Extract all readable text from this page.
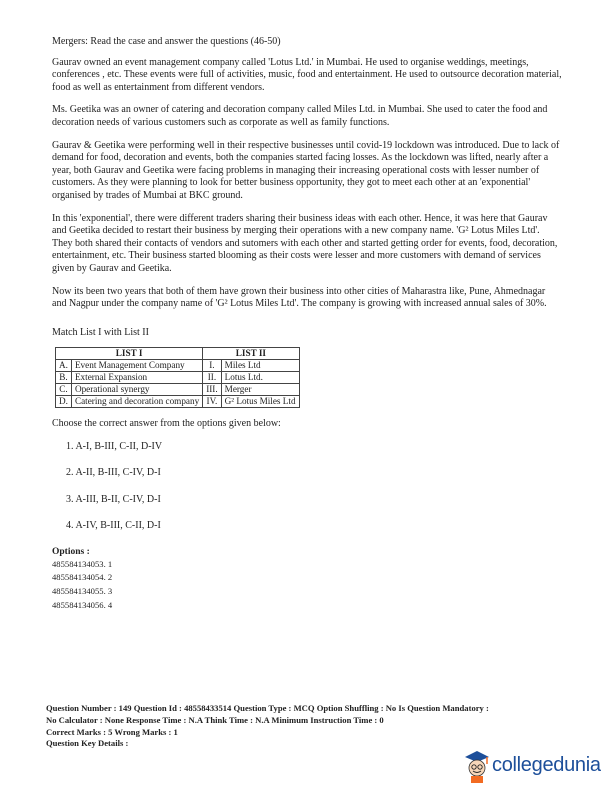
Mergers: Read the case and answer the questions (46-50)

Gaurav owned an event management company called 'Lotus Ltd.' in Mumbai. He used to organise weddings, meetings, conferences , etc. These events were full of activities, music, food and entertainment. He used to outsource decoration material, food as well as entertainment from different vendors.

Ms. Geetika was an owner of catering and decoration company called Miles Ltd. in Mumbai. She used to cater the food and decoration needs of various customers such as corporate as well as family functions.

Gaurav & Geetika were performing well in their respective businesses until covid-19 lockdown was introduced. Due to lack of demand for food, decoration and events, both the companies started facing losses. As the lockdown was lifted, nearly after a year, both Gaurav and Geetika were facing problems in managing their increasing operational costs with lesser number of customers. As they were planning to look for better business opportunity, they got to meet each other at an 'exponential' organised by trades of Mumbai at BKC ground.

In this 'exponential', there were different traders sharing their business ideas with each other. Hence, it was here that Gaurav and Geetika decided to restart their business by merging their operations with a new company name. 'G² Lotus Miles Ltd'. They both shared their contacts of vendors and sutomers with each other and started getting order for events, food, decoration, entertainment, etc. Their business started blooming as their costs were lesser and more customers with demand of services given by Gaurav and Geetika.

Now its been two years that both of them have grown their business into other cities of Maharastra like, Pune, Ahmednagar and Nagpur under the company name of 'G² Lotus Miles Ltd'. The company is growing with increased annual sales of 30%.

Match List I with List II

LIST I		LIST II	
A.	Event Management Company	I.	Miles Ltd
B.	External Expansion	II.	Lotus Ltd.
C.	Operational synergy	III.	Merger
D.	Catering and decoration company	IV.	G² Lotus Miles Ltd

Choose the correct answer from the options given below:

1. A-I, B-III, C-II, D-IV
2. A-II, B-III, C-IV, D-I
3. A-III, B-II, C-IV, D-I
4. A-IV, B-III, C-II, D-I
Options :
485584134053. 1
485584134054. 2
485584134055. 3
485584134056. 4
Question Number : 149 Question Id : 48558433514 Question Type : MCQ Option Shuffling : No Is Question Mandatory :
No Calculator : None Response Time : N.A Think Time : N.A Minimum Instruction Time : 0
Correct Marks : 5 Wrong Marks : 1
Question Key Details :
collegedunia
